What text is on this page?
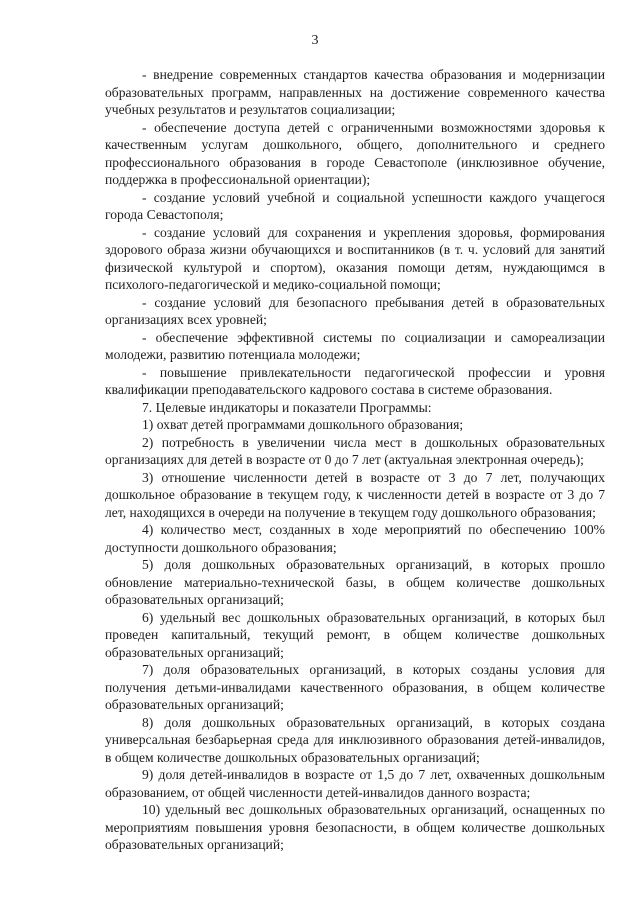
3

- внедрение современных стандартов качества образования и модернизации образовательных программ, направленных на достижение современного качества учебных результатов и результатов социализации;

- обеспечение доступа детей с ограниченными возможностями здоровья к качественным услугам дошкольного, общего, дополнительного и среднего профессионального образования в городе Севастополе (инклюзивное обучение, поддержка в профессиональной ориентации);

- создание условий учебной и социальной успешности каждого учащегося города Севастополя;

- создание условий для сохранения и укрепления здоровья, формирования здорового образа жизни обучающихся и воспитанников (в т. ч. условий для занятий физической культурой и спортом), оказания помощи детям, нуждающимся в психолого-педагогической и медико-социальной помощи;

- создание условий для безопасного пребывания детей в образовательных организациях всех уровней;

- обеспечение эффективной системы по социализации и самореализации молодежи, развитию потенциала молодежи;

- повышение привлекательности педагогической профессии и уровня квалификации преподавательского кадрового состава в системе образования.

7. Целевые индикаторы и показатели Программы:

1) охват детей программами дошкольного образования;

2) потребность в увеличении числа мест в дошкольных образовательных организациях для детей в возрасте от 0 до 7 лет (актуальная электронная очередь);

3) отношение численности детей в возрасте от 3 до 7 лет, получающих дошкольное образование в текущем году, к численности детей в возрасте от 3 до 7 лет, находящихся в очереди на получение в текущем году дошкольного образования;

4) количество мест, созданных в ходе мероприятий по обеспечению 100% доступности дошкольного образования;

5) доля дошкольных образовательных организаций, в которых прошло обновление материально-технической базы, в общем количестве дошкольных образовательных организаций;

6) удельный вес дошкольных образовательных организаций, в которых был проведен капитальный, текущий ремонт, в общем количестве дошкольных образовательных организаций;

7) доля образовательных организаций, в которых созданы условия для получения детьми-инвалидами качественного образования, в общем количестве образовательных организаций;

8) доля дошкольных образовательных организаций, в которых создана универсальная безбарьерная среда для инклюзивного образования детей-инвалидов, в общем количестве дошкольных образовательных организаций;

9) доля детей-инвалидов в возрасте от 1,5 до 7 лет, охваченных дошкольным образованием, от общей численности детей-инвалидов данного возраста;

10) удельный вес дошкольных образовательных организаций, оснащенных по мероприятиям повышения уровня безопасности, в общем количестве дошкольных образовательных организаций;
